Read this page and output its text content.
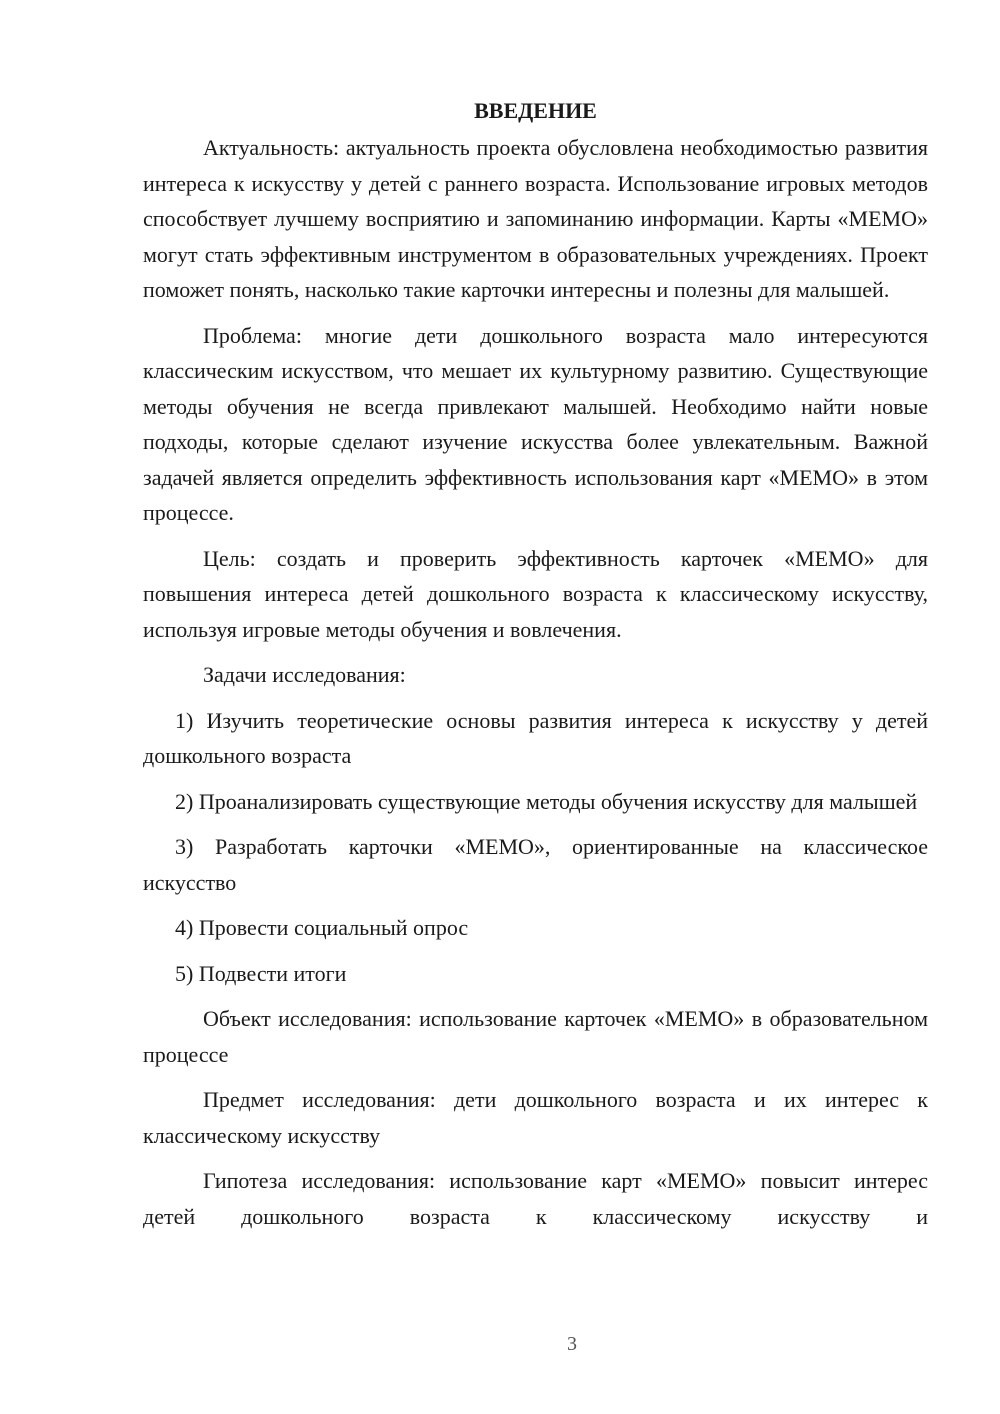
ВВЕДЕНИЕ

Актуальность: актуальность проекта обусловлена необходимостью развития интереса к искусству у детей с раннего возраста. Использование игровых методов способствует лучшему восприятию и запоминанию информации. Карты «МЕМО» могут стать эффективным инструментом в образовательных учреждениях. Проект поможет понять, насколько такие карточки интересны и полезны для малышей.

Проблема: многие дети дошкольного возраста мало интересуются классическим искусством, что мешает их культурному развитию. Существующие методы обучения не всегда привлекают малышей. Необходимо найти новые подходы, которые сделают изучение искусства более увлекательным. Важной задачей является определить эффективность использования карт «МЕМО» в этом процессе.

Цель: создать и проверить эффективность карточек «МЕМО» для повышения интереса детей дошкольного возраста к классическому искусству, используя игровые методы обучения и вовлечения.

Задачи исследования:

1) Изучить теоретические основы развития интереса к искусству у детей дошкольного возраста

2) Проанализировать существующие методы обучения искусству для малышей

3) Разработать карточки «МЕМО», ориентированные на классическое искусство

4) Провести социальный опрос

5) Подвести итоги

Объект исследования: использование карточек «МЕМО» в образовательном процессе

Предмет исследования: дети дошкольного возраста и их интерес к классическому искусству

Гипотеза исследования: использование карт «МЕМО» повысит интерес детей дошкольного возраста к классическому искусству и

3
